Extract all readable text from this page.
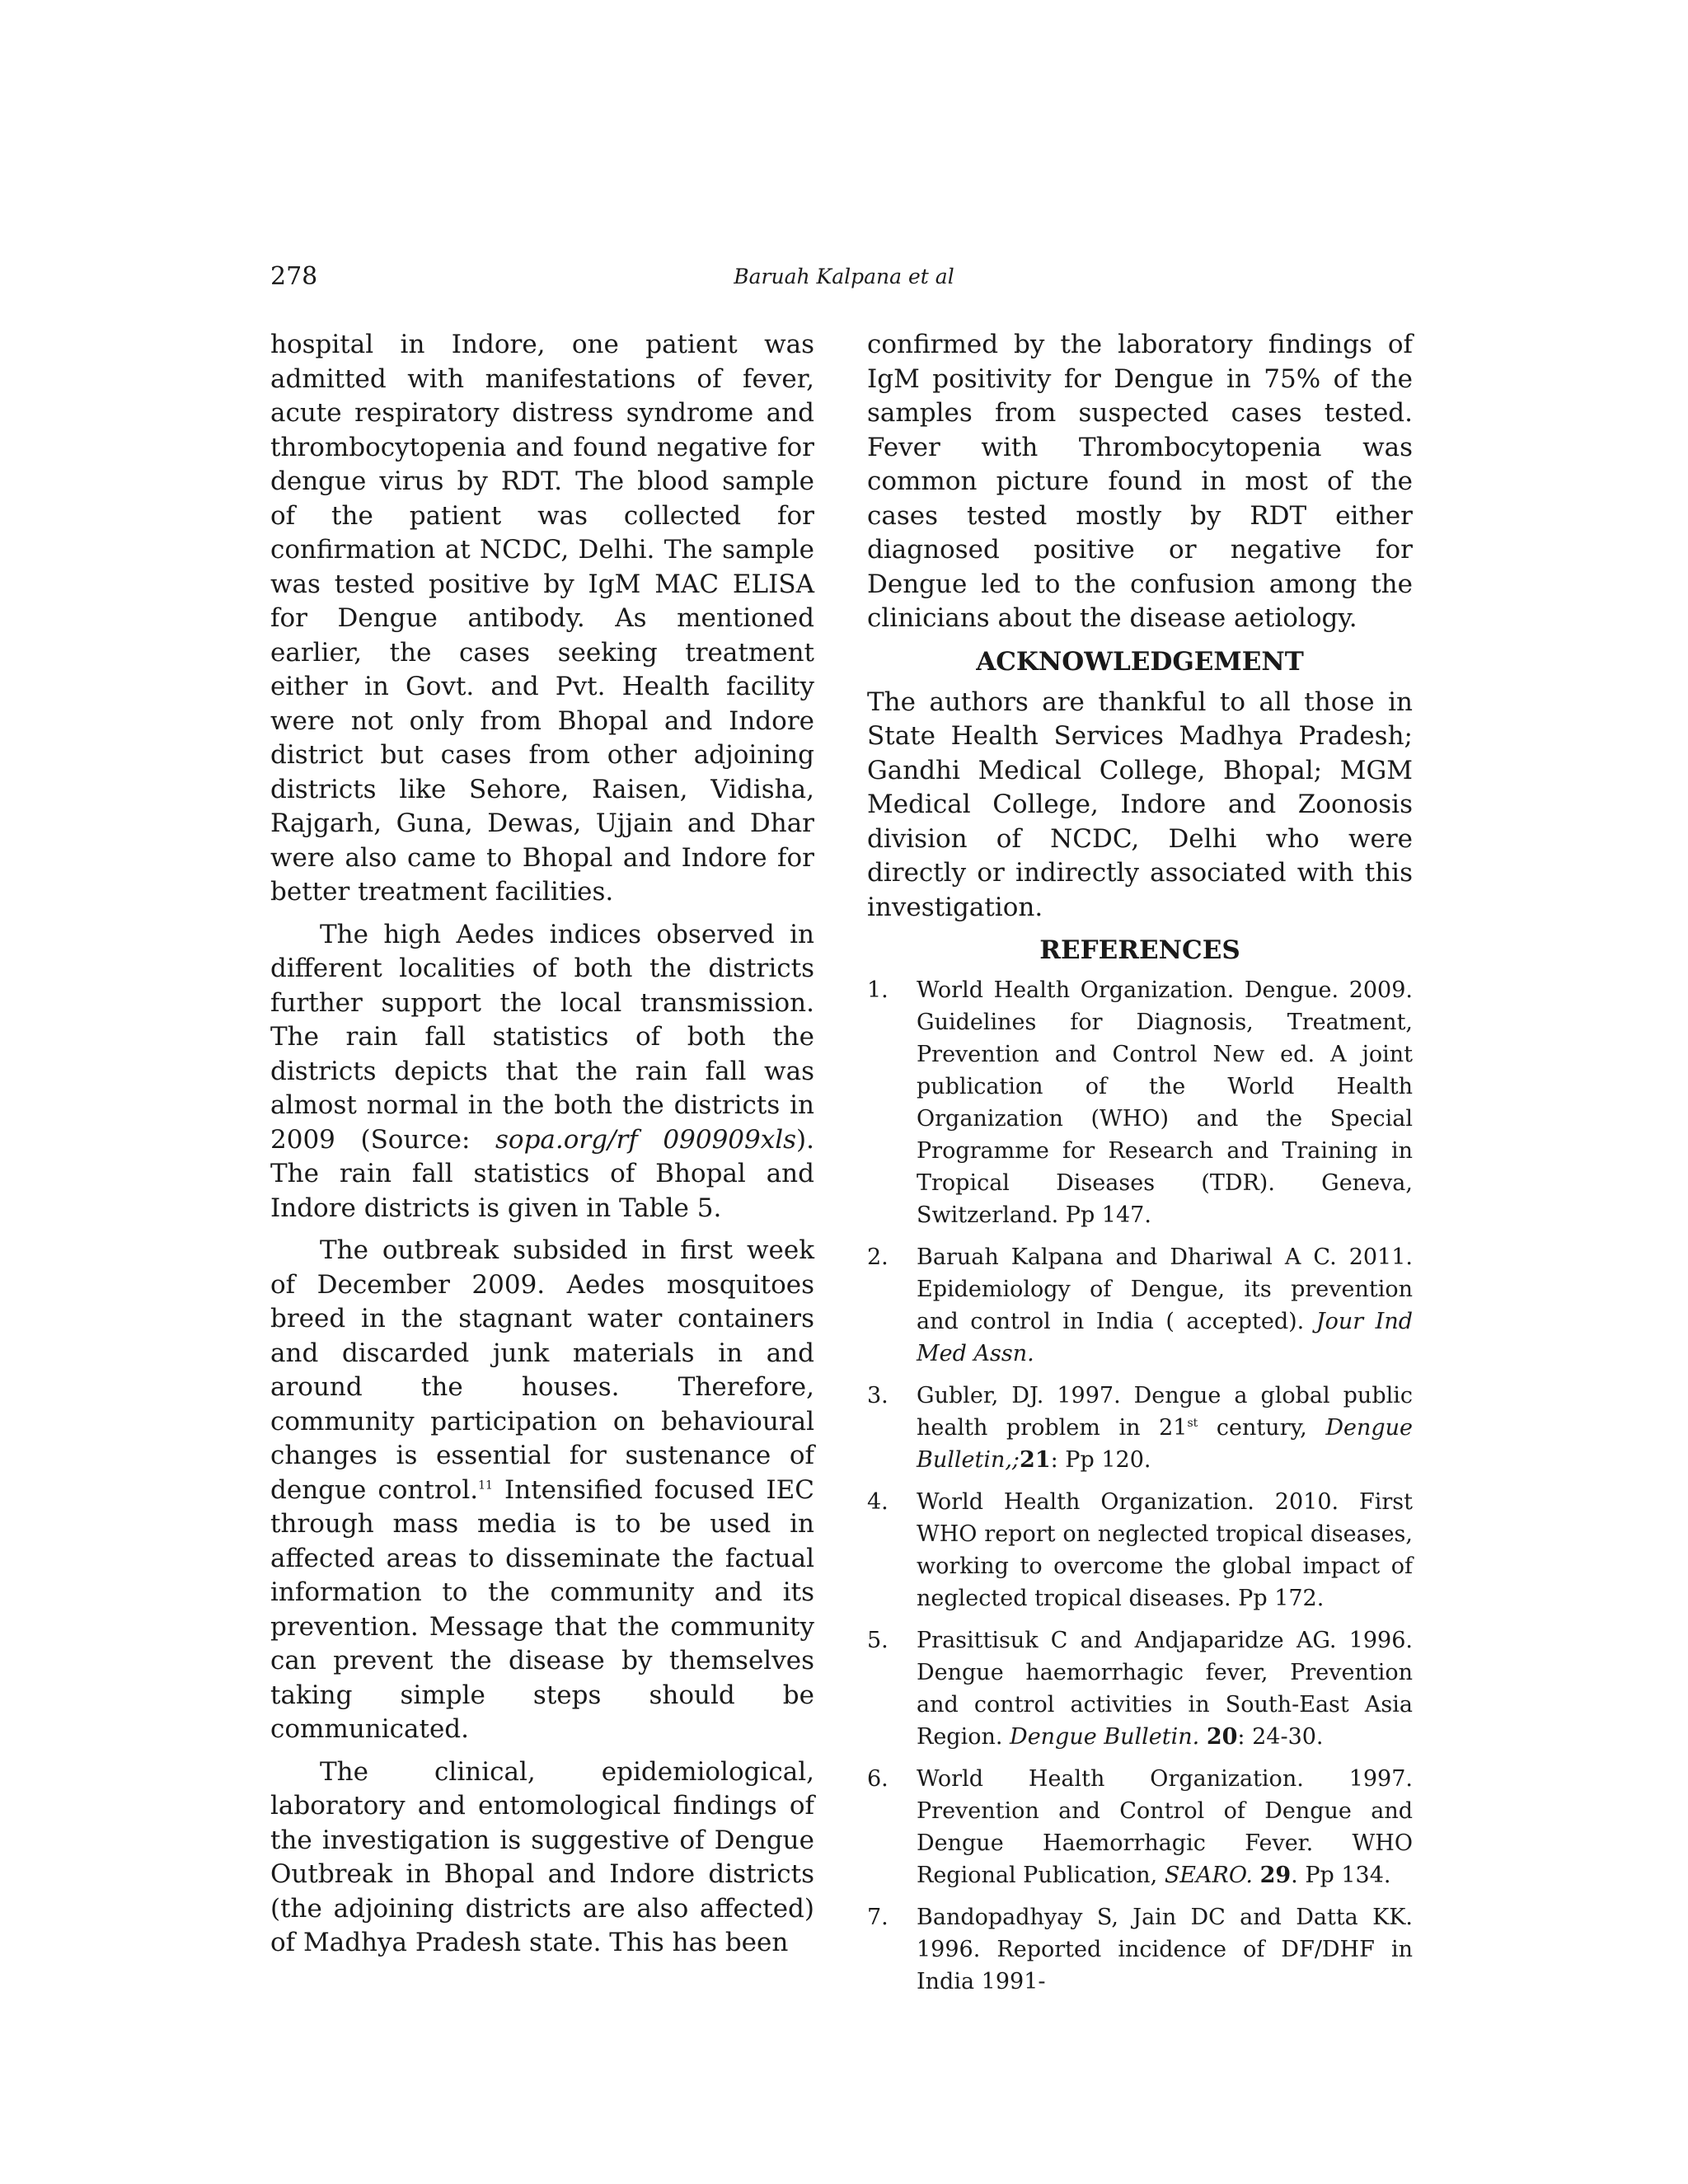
278	Baruah Kalpana et al

hospital in Indore, one patient was admitted with manifestations of fever, acute respiratory distress syndrome and thrombocytopenia and found negative for dengue virus by RDT. The blood sample of the patient was collected for confirmation at NCDC, Delhi. The sample was tested positive by IgM MAC ELISA for Dengue antibody. As mentioned earlier, the cases seeking treatment either in Govt. and Pvt. Health facility were not only from Bhopal and Indore district but cases from other adjoining districts like Sehore, Raisen, Vidisha, Rajgarh, Guna, Dewas, Ujjain and Dhar were also came to Bhopal and Indore for better treatment facilities.

The high Aedes indices observed in different localities of both the districts further support the local transmission. The rain fall statistics of both the districts depicts that the rain fall was almost normal in the both the districts in 2009 (Source: sopa.org/rf 090909xls). The rain fall statistics of Bhopal and Indore districts is given in Table 5.

The outbreak subsided in first week of December 2009. Aedes mosquitoes breed in the stagnant water containers and discarded junk materials in and around the houses. Therefore, community participation on behavioural changes is essential for sustenance of dengue control.$^{11}$ Intensified focused IEC through mass media is to be used in affected areas to disseminate the factual information to the community and its prevention. Message that the community can prevent the disease by themselves taking simple steps should be communicated.

The clinical, epidemiological, laboratory and entomological findings of the investigation is suggestive of Dengue Outbreak in Bhopal and Indore districts (the adjoining districts are also affected) of Madhya Pradesh state. This has been

confirmed by the laboratory findings of IgM positivity for Dengue in 75% of the samples from suspected cases tested. Fever with Thrombocytopenia was common picture found in most of the cases tested mostly by RDT either diagnosed positive or negative for Dengue led to the confusion among the clinicians about the disease aetiology.

ACKNOWLEDGEMENT

The authors are thankful to all those in State Health Services Madhya Pradesh; Gandhi Medical College, Bhopal; MGM Medical College, Indore and Zoonosis division of NCDC, Delhi who were directly or indirectly associated with this investigation.

REFERENCES
1.	World Health Organization. Dengue. 2009. Guidelines for Diagnosis, Treatment, Prevention and Control New ed. A joint publication of the World Health Organization (WHO) and the Special Programme for Research and Training in Tropical Diseases (TDR). Geneva, Switzerland. Pp 147.
2.	Baruah Kalpana and Dhariwal A C. 2011. Epidemiology of Dengue, its prevention and control in India ( accepted). Jour Ind Med Assn.
3.	Gubler, DJ. 1997. Dengue a global public health problem in 21st century, Dengue Bulletin,;21: Pp 120.
4.	World Health Organization. 2010. First WHO report on neglected tropical diseases, working to overcome the global impact of neglected tropical diseases. Pp 172.
5.	Prasittisuk C and Andjaparidze AG. 1996. Dengue haemorrhagic fever, Prevention and control activities in South-East Asia Region. Dengue Bulletin. 20: 24-30.
6.	World Health Organization. 1997. Prevention and Control of Dengue and Dengue Haemorrhagic Fever. WHO Regional Publication, SEARO. 29. Pp 134.
7.	Bandopadhyay S, Jain DC and Datta KK. 1996. Reported incidence of DF/DHF in India 1991-
